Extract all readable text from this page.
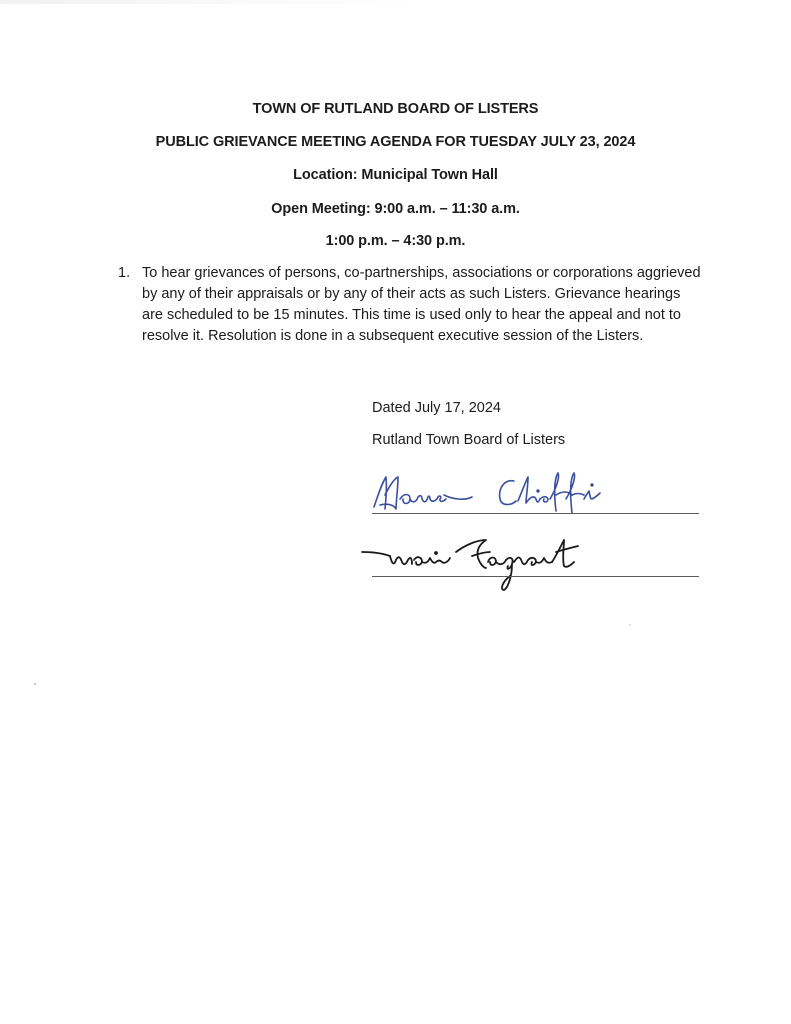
TOWN OF RUTLAND BOARD OF LISTERS
PUBLIC GRIEVANCE MEETING AGENDA FOR TUESDAY JULY 23, 2024
Location: Municipal Town Hall
Open Meeting: 9:00 a.m. – 11:30 a.m.
1:00 p.m. – 4:30 p.m.
1. To hear grievances of persons, co-partnerships, associations or corporations aggrieved by any of their appraisals or by any of their acts as such Listers. Grievance hearings are scheduled to be 15 minutes. This time is used only to hear the appeal and not to resolve it. Resolution is done in a subsequent executive session of the Listers.
Dated July 17, 2024
Rutland Town Board of Listers
